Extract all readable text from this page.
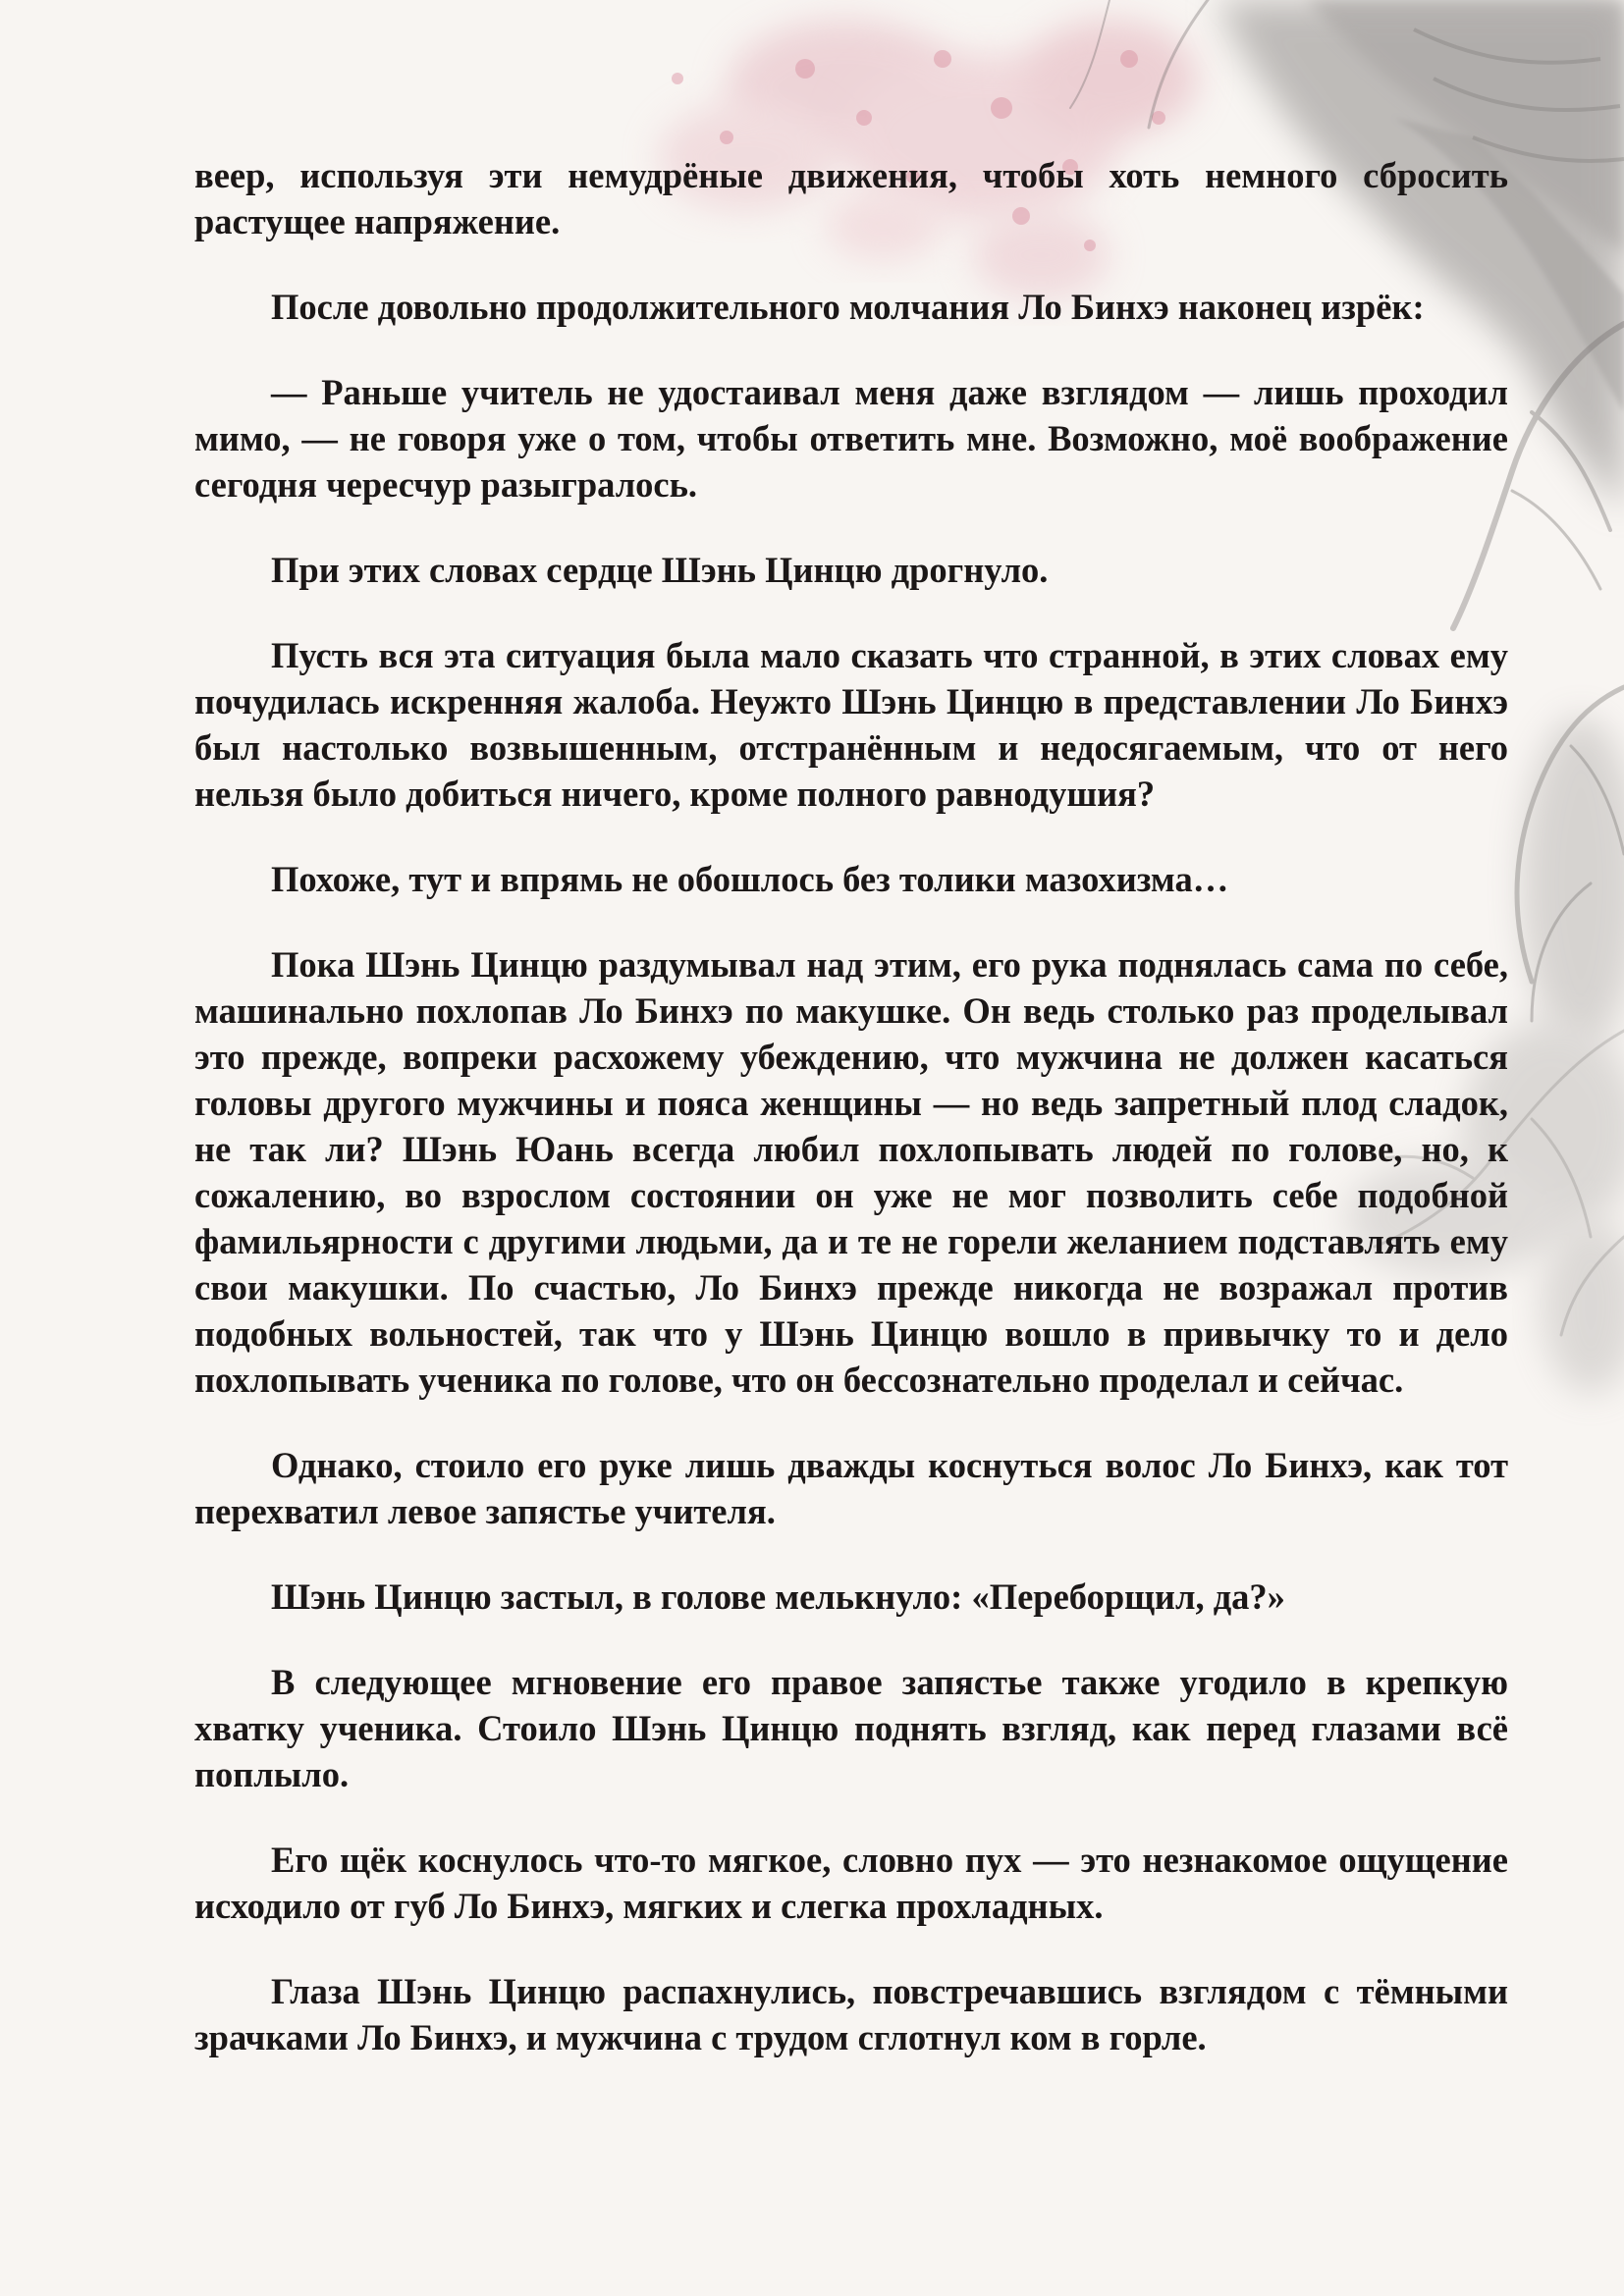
веер, используя эти немудрёные движения, чтобы хоть немного сбросить растущее напряжение.

После довольно продолжительного молчания Ло Бинхэ наконец изрёк:

— Раньше учитель не удостаивал меня даже взглядом — лишь проходил мимо, — не говоря уже о том, чтобы ответить мне. Возможно, моё воображение сегодня чересчур разыгралось.

При этих словах сердце Шэнь Цинцю дрогнуло.

Пусть вся эта ситуация была мало сказать что странной, в этих словах ему почудилась искренняя жалоба. Неужто Шэнь Цинцю в представлении Ло Бинхэ был настолько возвышенным, отстранённым и недосягаемым, что от него нельзя было добиться ничего, кроме полного равнодушия?

Похоже, тут и впрямь не обошлось без толики мазохизма…

Пока Шэнь Цинцю раздумывал над этим, его рука поднялась сама по себе, машинально похлопав Ло Бинхэ по макушке. Он ведь столько раз проделывал это прежде, вопреки расхожему убеждению, что мужчина не должен касаться головы другого мужчины и пояса женщины — но ведь запретный плод сладок, не так ли? Шэнь Юань всегда любил похлопывать людей по голове, но, к сожалению, во взрослом состоянии он уже не мог позволить себе подобной фамильярности с другими людьми, да и те не горели желанием подставлять ему свои макушки. По счастью, Ло Бинхэ прежде никогда не возражал против подобных вольностей, так что у Шэнь Цинцю вошло в привычку то и дело похлопывать ученика по голове, что он бессознательно проделал и сейчас.

Однако, стоило его руке лишь дважды коснуться волос Ло Бинхэ, как тот перехватил левое запястье учителя.

Шэнь Цинцю застыл, в голове мелькнуло: «Переборщил, да?»

В следующее мгновение его правое запястье также угодило в крепкую хватку ученика. Стоило Шэнь Цинцю поднять взгляд, как перед глазами всё поплыло.

Его щёк коснулось что-то мягкое, словно пух — это незнакомое ощущение исходило от губ Ло Бинхэ, мягких и слегка прохладных.

Глаза Шэнь Цинцю распахнулись, повстречавшись взглядом с тёмными зрачками Ло Бинхэ, и мужчина с трудом сглотнул ком в горле.
